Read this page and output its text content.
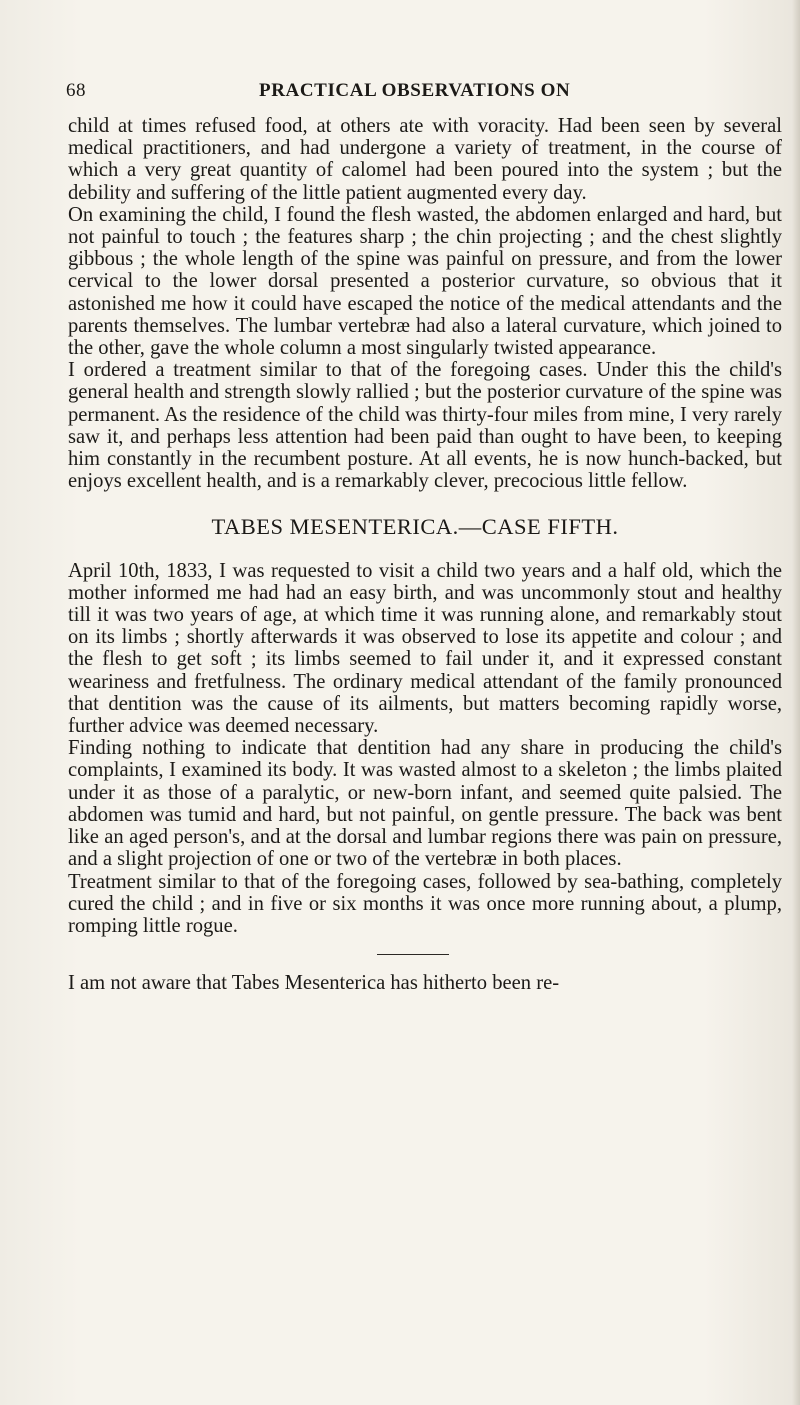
68	PRACTICAL OBSERVATIONS ON

child at times refused food, at others ate with voracity. Had been seen by several medical practitioners, and had undergone a variety of treatment, in the course of which a very great quantity of calomel had been poured into the system ; but the debility and suffering of the little patient augmented every day.

On examining the child, I found the flesh wasted, the abdomen enlarged and hard, but not painful to touch ; the features sharp ; the chin projecting ; and the chest slightly gibbous ; the whole length of the spine was painful on pressure, and from the lower cervical to the lower dorsal presented a posterior curvature, so obvious that it astonished me how it could have escaped the notice of the medical attendants and the parents themselves. The lumbar vertebræ had also a lateral curvature, which joined to the other, gave the whole column a most singularly twisted appearance.

I ordered a treatment similar to that of the foregoing cases. Under this the child's general health and strength slowly rallied ; but the posterior curvature of the spine was permanent. As the residence of the child was thirty-four miles from mine, I very rarely saw it, and perhaps less attention had been paid than ought to have been, to keeping him constantly in the recumbent posture. At all events, he is now hunch-backed, but enjoys excellent health, and is a remarkably clever, precocious little fellow.

TABES MESENTERICA.—CASE FIFTH.

April 10th, 1833, I was requested to visit a child two years and a half old, which the mother informed me had had an easy birth, and was uncommonly stout and healthy till it was two years of age, at which time it was running alone, and remarkably stout on its limbs ; shortly afterwards it was observed to lose its appetite and colour ; and the flesh to get soft ; its limbs seemed to fail under it, and it expressed constant weariness and fretfulness. The ordinary medical attendant of the family pronounced that dentition was the cause of its ailments, but matters becoming rapidly worse, further advice was deemed necessary.

Finding nothing to indicate that dentition had any share in producing the child's complaints, I examined its body. It was wasted almost to a skeleton ; the limbs plaited under it as those of a paralytic, or new-born infant, and seemed quite palsied. The abdomen was tumid and hard, but not painful, on gentle pressure. The back was bent like an aged person's, and at the dorsal and lumbar regions there was pain on pressure, and a slight projection of one or two of the vertebræ in both places.

Treatment similar to that of the foregoing cases, followed by sea-bathing, completely cured the child ; and in five or six months it was once more running about, a plump, romping little rogue.

I am not aware that Tabes Mesenterica has hitherto been re-
